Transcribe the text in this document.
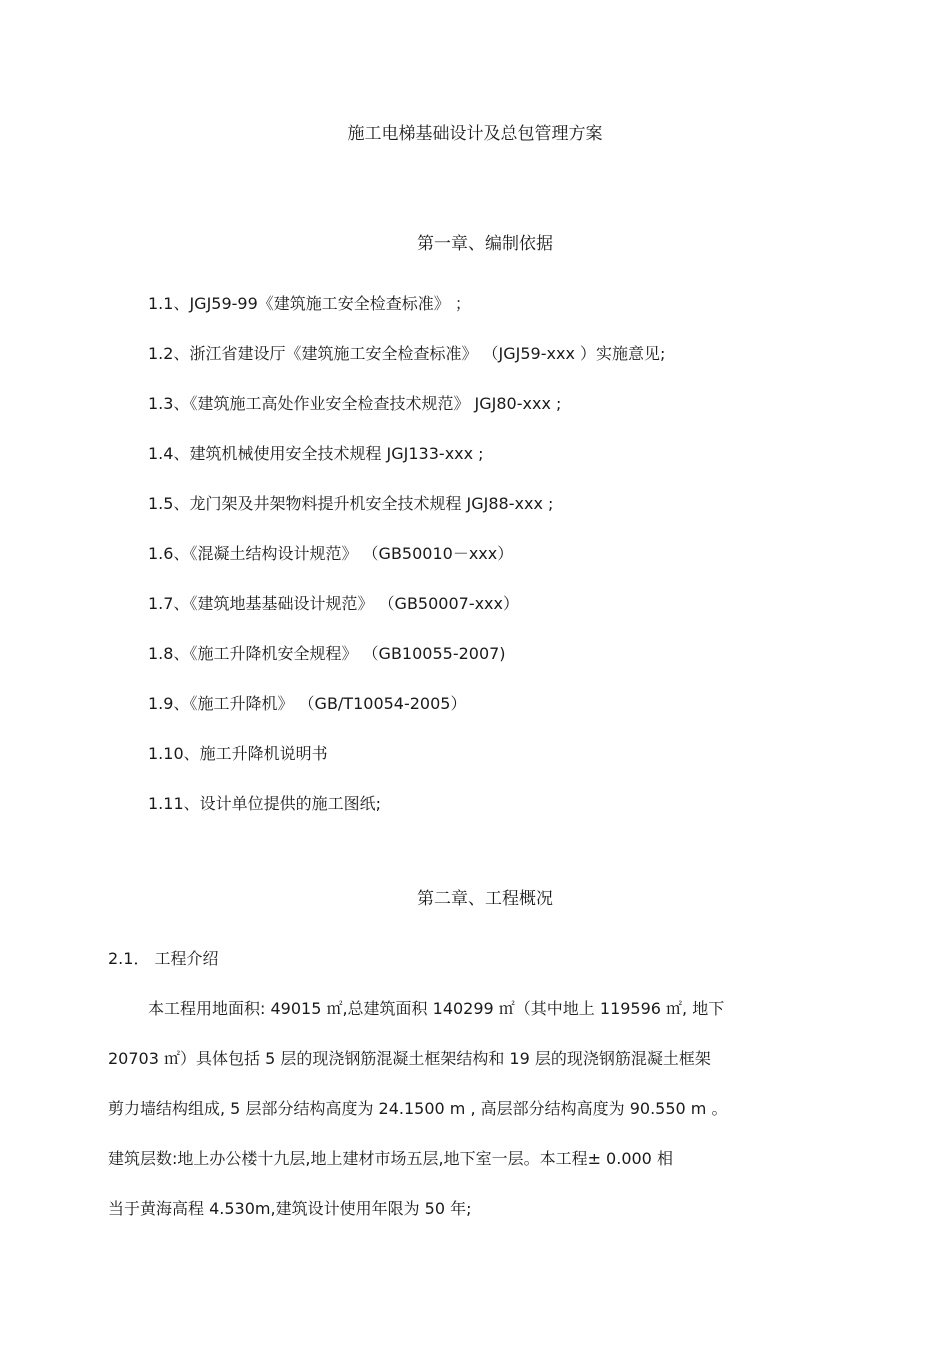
施工电梯基础设计及总包管理方案
第一章、编制依据
1.1、JGJ59-99《建筑施工安全检查标准》 ；
1.2、浙江省建设厅《建筑施工安全检查标准》 （JGJ59-xxx ）实施意见;
1.3、《建筑施工高处作业安全检查技术规范》 JGJ80-xxx ;
1.4、建筑机械使用安全技术规程 JGJ133-xxx ;
1.5、龙门架及井架物料提升机安全技术规程 JGJ88-xxx ;
1.6、《混凝土结构设计规范》 （GB50010－xxx）
1.7、《建筑地基基础设计规范》 （GB50007-xxx）
1.8、《施工升降机安全规程》 （GB10055-2007)
1.9、《施工升降机》 （GB/T10054-2005）
1.10、施工升降机说明书
1.11、设计单位提供的施工图纸;
第二章、工程概况
2.1． 工程介绍
本工程用地面积: 49015 ㎡,总建筑面积 140299 ㎡（其中地上 119596 ㎡, 地下
20703 ㎡）具体包括 5 层的现浇钢筋混凝土框架结构和 19 层的现浇钢筋混凝土框架
剪力墙结构组成, 5 层部分结构高度为 24.1500 m , 高层部分结构高度为 90.550 m 。
建筑层数:地上办公楼十九层,地上建材市场五层,地下室一层。本工程± 0.000 相
当于黄海高程 4.530m,建筑设计使用年限为 50 年;
